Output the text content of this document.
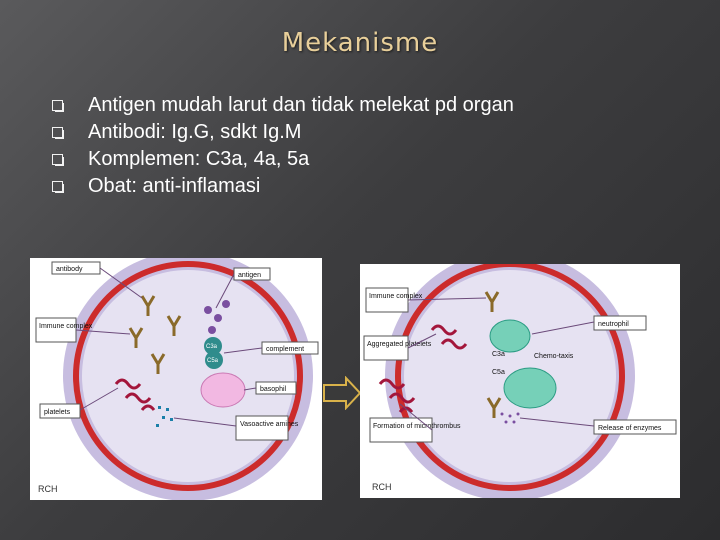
Mekanisme
Antigen mudah larut dan tidak melekat pd organ
Antibodi: Ig.G, sdkt Ig.M
Komplemen: C3a, 4a, 5a
Obat: anti-inflamasi
C3a
C5a
antibody
antigen
Immune complex
complement
basophil
platelets
Vasoactive amines
RCH
C3a
C5a
Chemo-taxis
Immune complex
neutrophil
Aggregated platelets
Formation of microthrombus	Release of enzymes
RCH
